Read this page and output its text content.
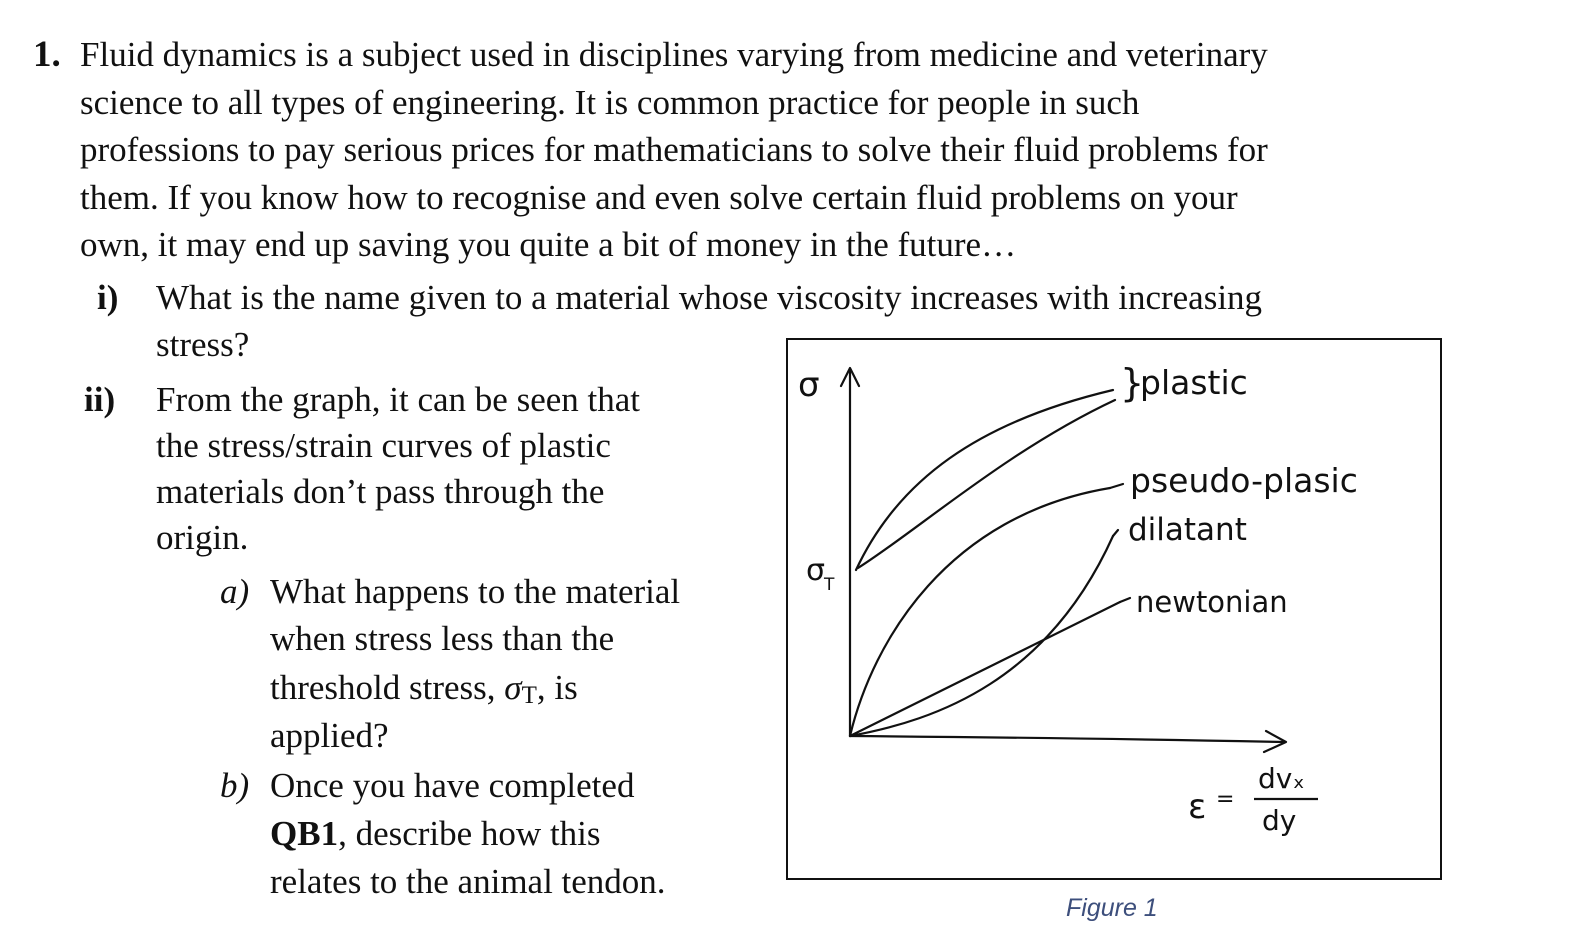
1. Fluid dynamics is a subject used in disciplines varying from medicine and veterinary
science to all types of engineering. It is common practice for people in such
professions to pay serious prices for mathematicians to solve their fluid problems for
them. If you know how to recognise and even solve certain fluid problems on your
own, it may end up saving you quite a bit of money in the future…
i) What is the name given to a material whose viscosity increases with increasing
stress?
ii) From the graph, it can be seen that
the stress/strain curves of plastic
materials don’t pass through the
origin.
a) What happens to the material
when stress less than the
threshold stress, σT, is
applied?
b) Once you have completed
QB1, describe how this
relates to the animal tendon.
σ
σ
T
}
plastic
pseudo-plasic
dilatant
newtonian
ε =
dvₓ
dy
Figure 1
